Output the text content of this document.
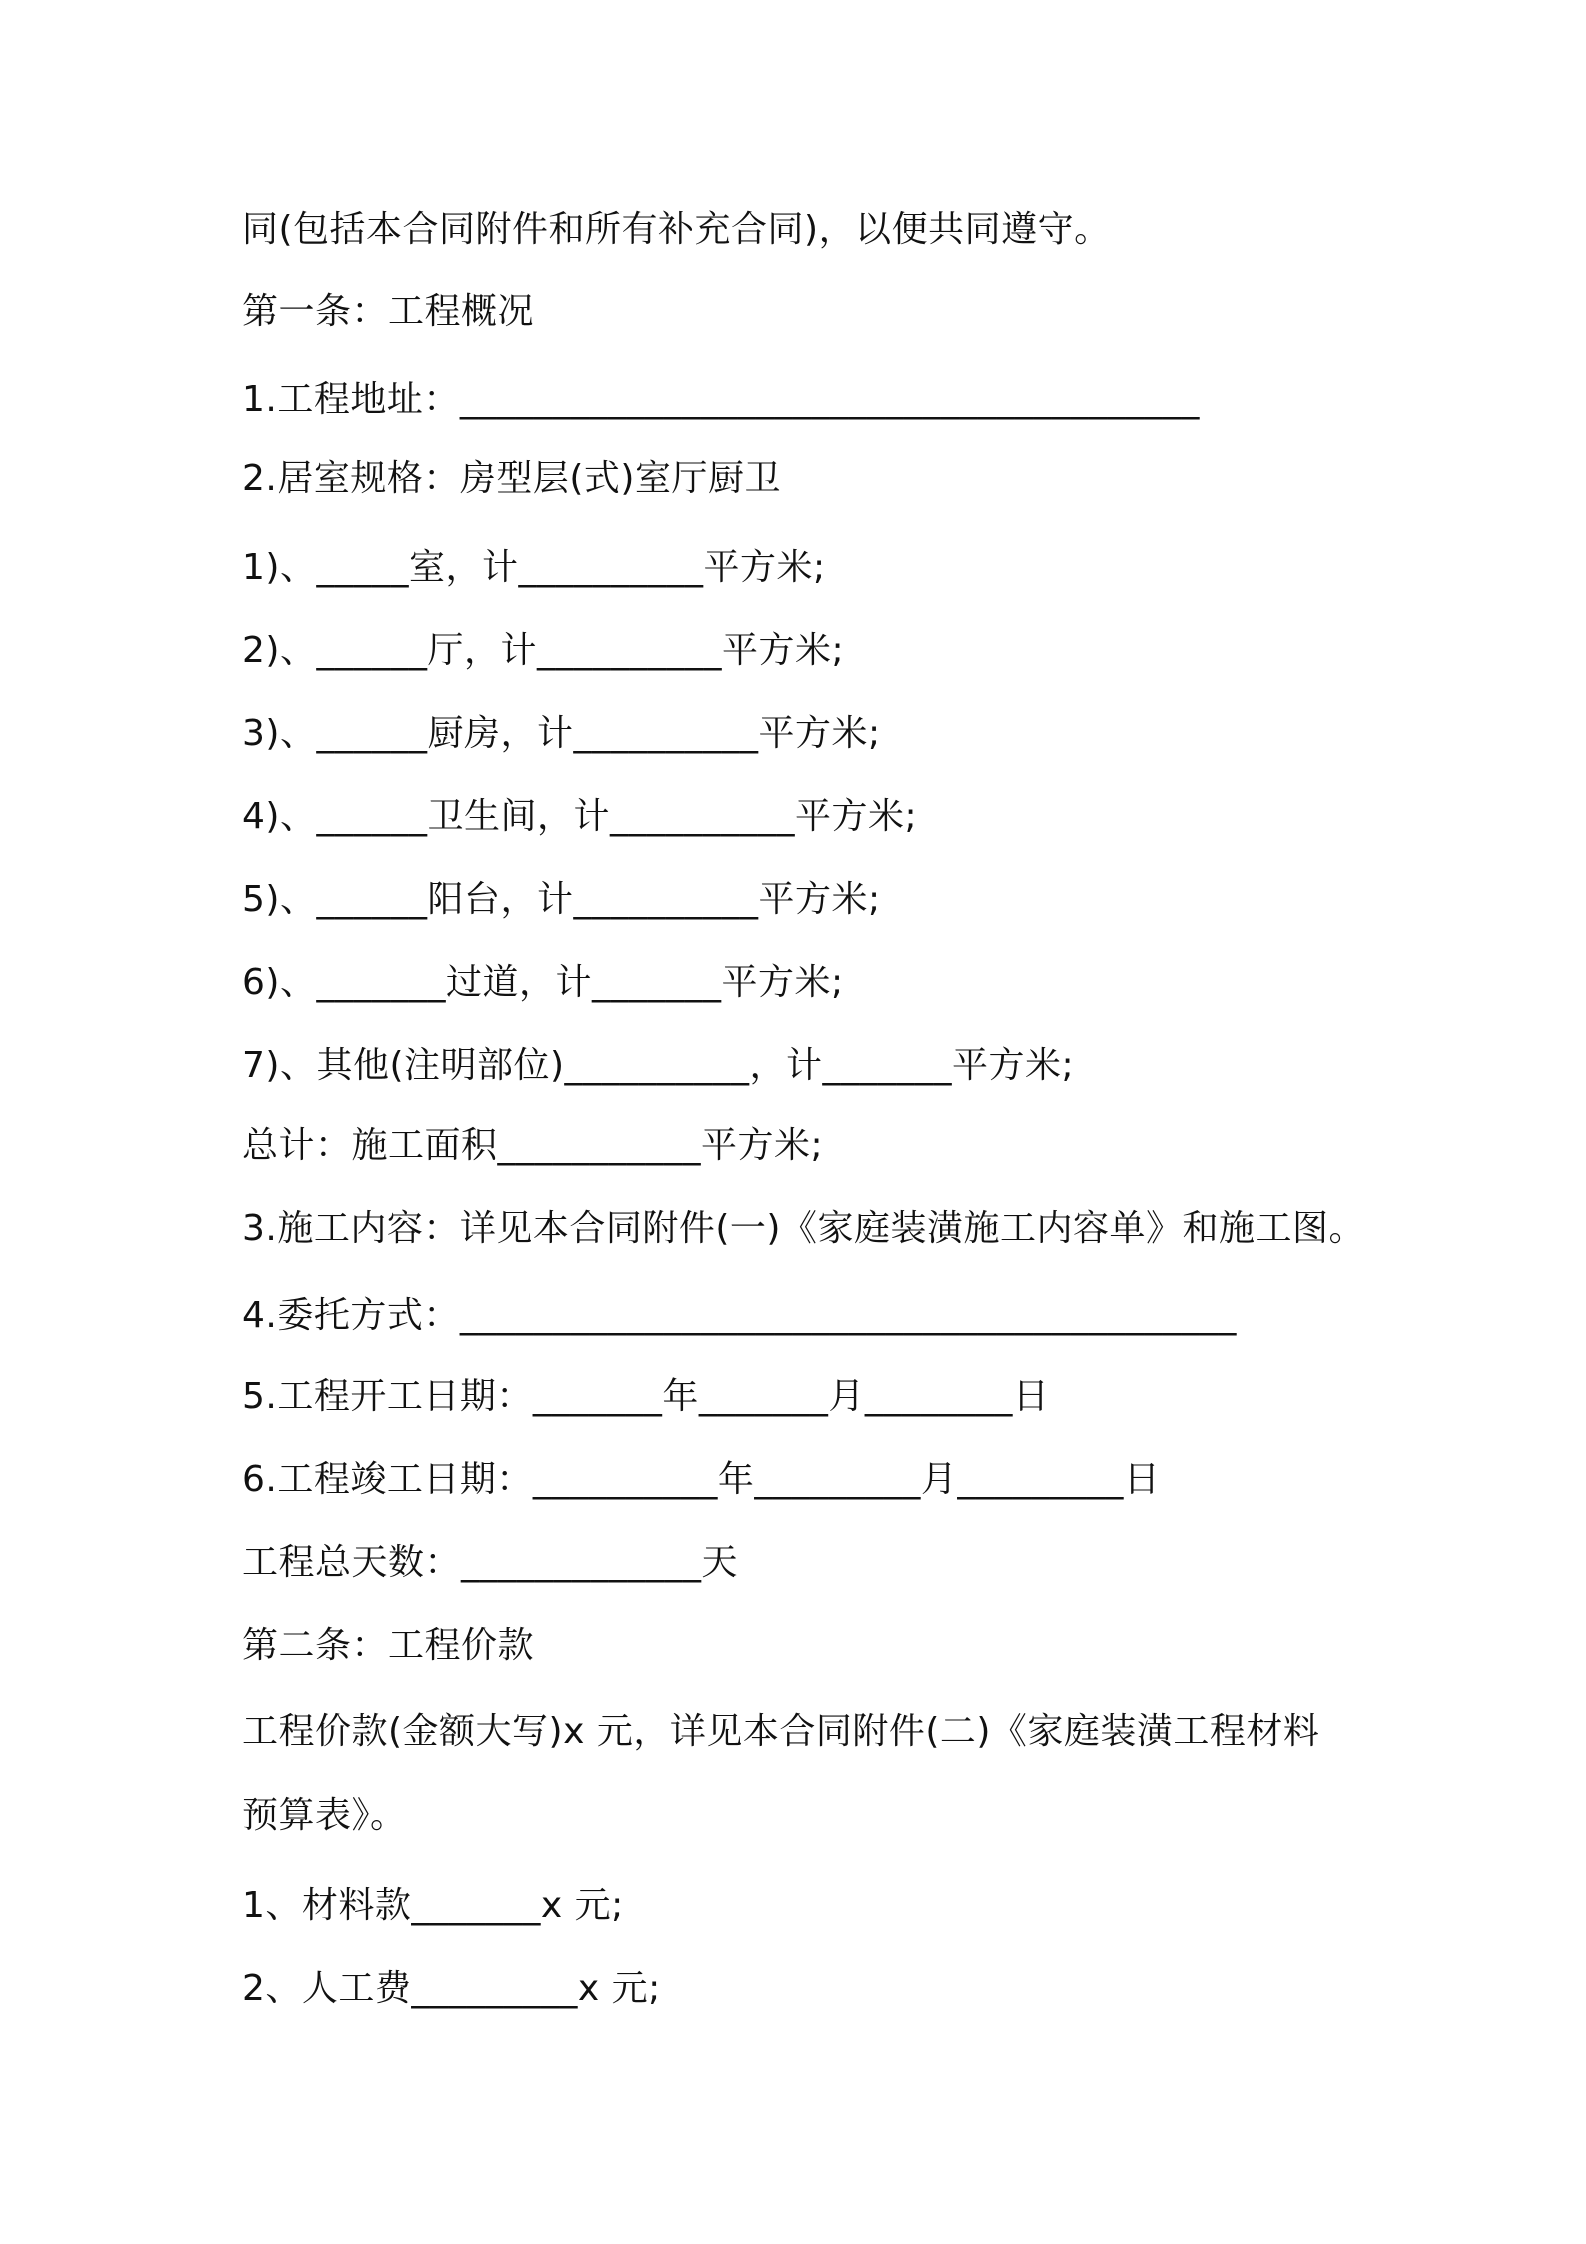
同(包括本合同附件和所有补充合同)，以便共同遵守。

第一条：工程概况

1.工程地址：________________________________________

2.居室规格：房型层(式)室厅厨卫

1)、_____室，计__________平方米;

2)、______厅，计__________平方米;

3)、______厨房，计__________平方米;

4)、______卫生间，计__________平方米;

5)、______阳台，计__________平方米;

6)、_______过道，计_______平方米;

7)、其他(注明部位)__________，计_______平方米;

总计：施工面积___________平方米;

3.施工内容：详见本合同附件(一)《家庭装潢施工内容单》和施工图。

4.委托方式：__________________________________________

5.工程开工日期：_______年_______月________日

6.工程竣工日期：__________年_________月_________日

工程总天数：_____________天

第二条：工程价款

工程价款(金额大写)x 元，详见本合同附件(二)《家庭装潢工程材料

预算表》。

1、材料款_______x 元;

2、人工费_________x 元;
